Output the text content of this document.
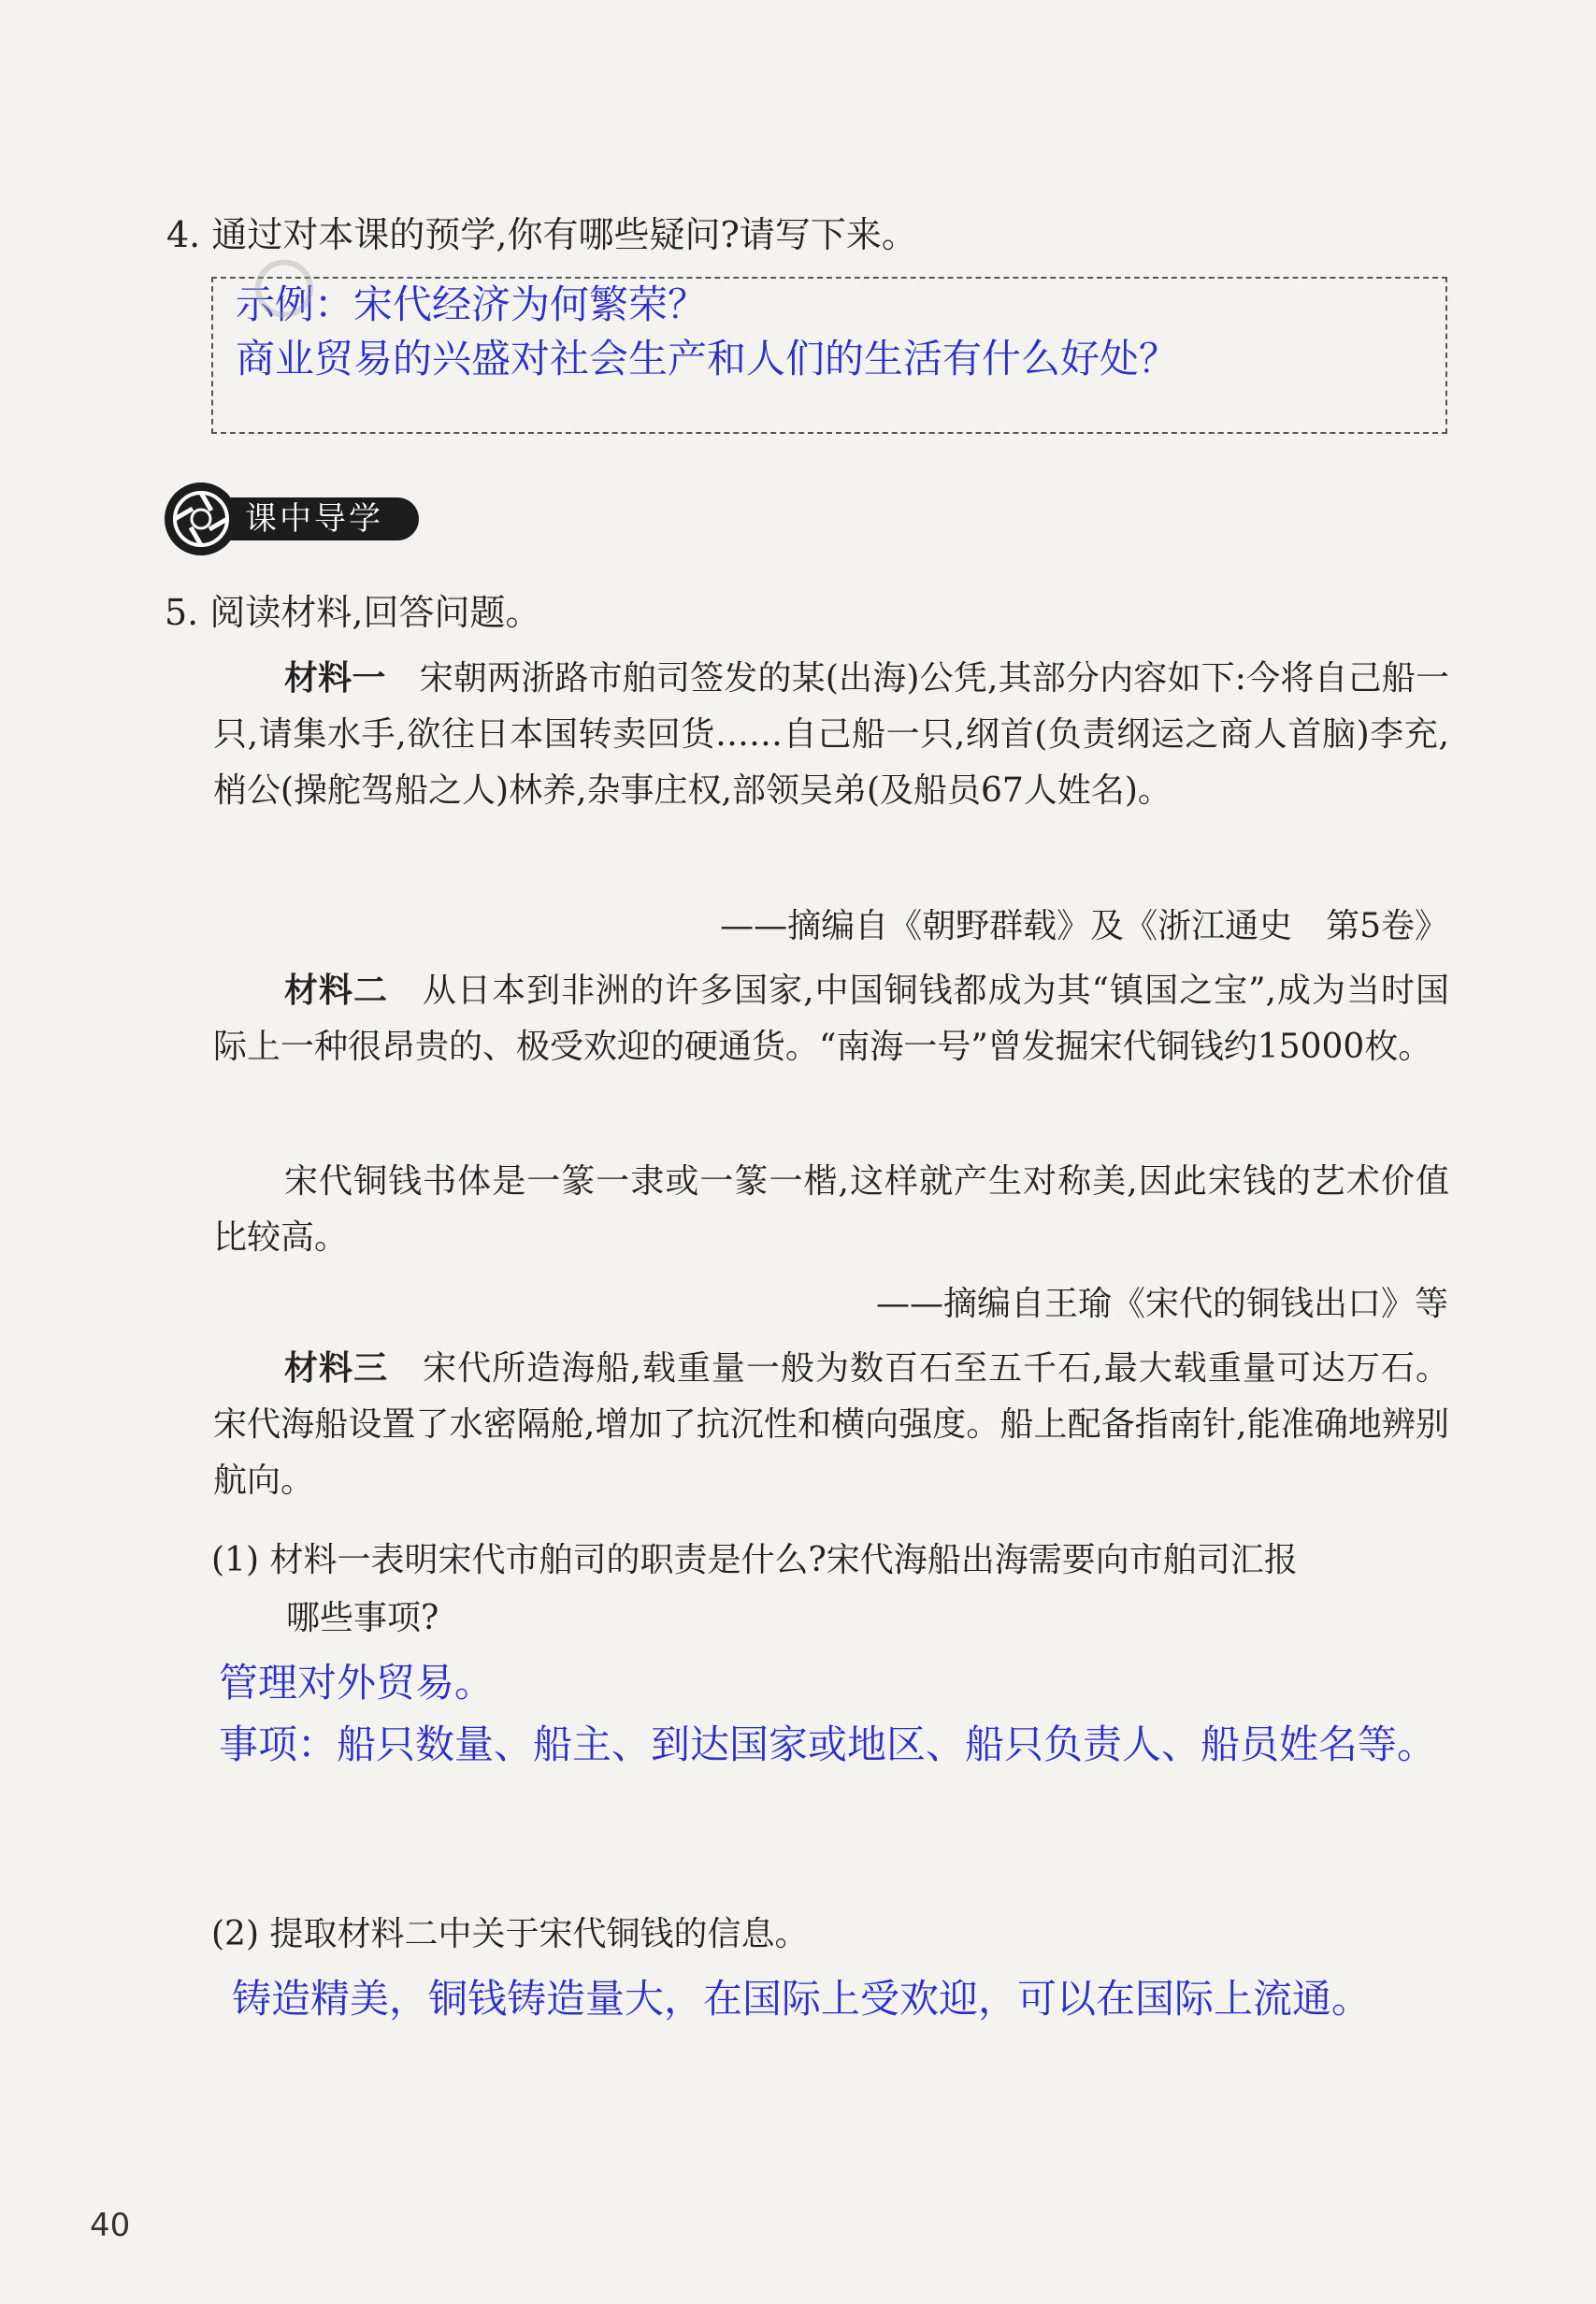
4. 通过对本课的预学,你有哪些疑问?请写下来。
示例：宋代经济为何繁荣？
商业贸易的兴盛对社会生产和人们的生活有什么好处？
课中导学
5. 阅读材料,回答问题。
材料一　 宋朝两浙路市舶司签发的某(出海)公凭,其部分内容如下:今将自己船一只,请集水手,欲往日本国转卖回货……自己船一只,纲首(负责纲运之商人首脑)李充,梢公(操舵驾船之人)林养,杂事庄权,部领吴弟(及船员67人姓名)。
——摘编自《朝野群载》及《浙江通史　第5卷》
材料二　 从日本到非洲的许多国家,中国铜钱都成为其“镇国之宝”,成为当时国际上一种很昂贵的、极受欢迎的硬通货。“南海一号”曾发掘宋代铜钱约15000枚。
宋代铜钱书体是一篆一隶或一篆一楷,这样就产生对称美,因此宋钱的艺术价值比较高。
——摘编自王瑜《宋代的铜钱出口》等
材料三　 宋代所造海船,载重量一般为数百石至五千石,最大载重量可达万石。宋代海船设置了水密隔舱,增加了抗沉性和横向强度。船上配备指南针,能准确地辨别航向。
(1) 材料一表明宋代市舶司的职责是什么?宋代海船出海需要向市舶司汇报
哪些事项?
管理对外贸易。
事项：船只数量、船主、到达国家或地区、船只负责人、船员姓名等。
(2) 提取材料二中关于宋代铜钱的信息。
铸造精美，铜钱铸造量大，在国际上受欢迎，可以在国际上流通。
40
